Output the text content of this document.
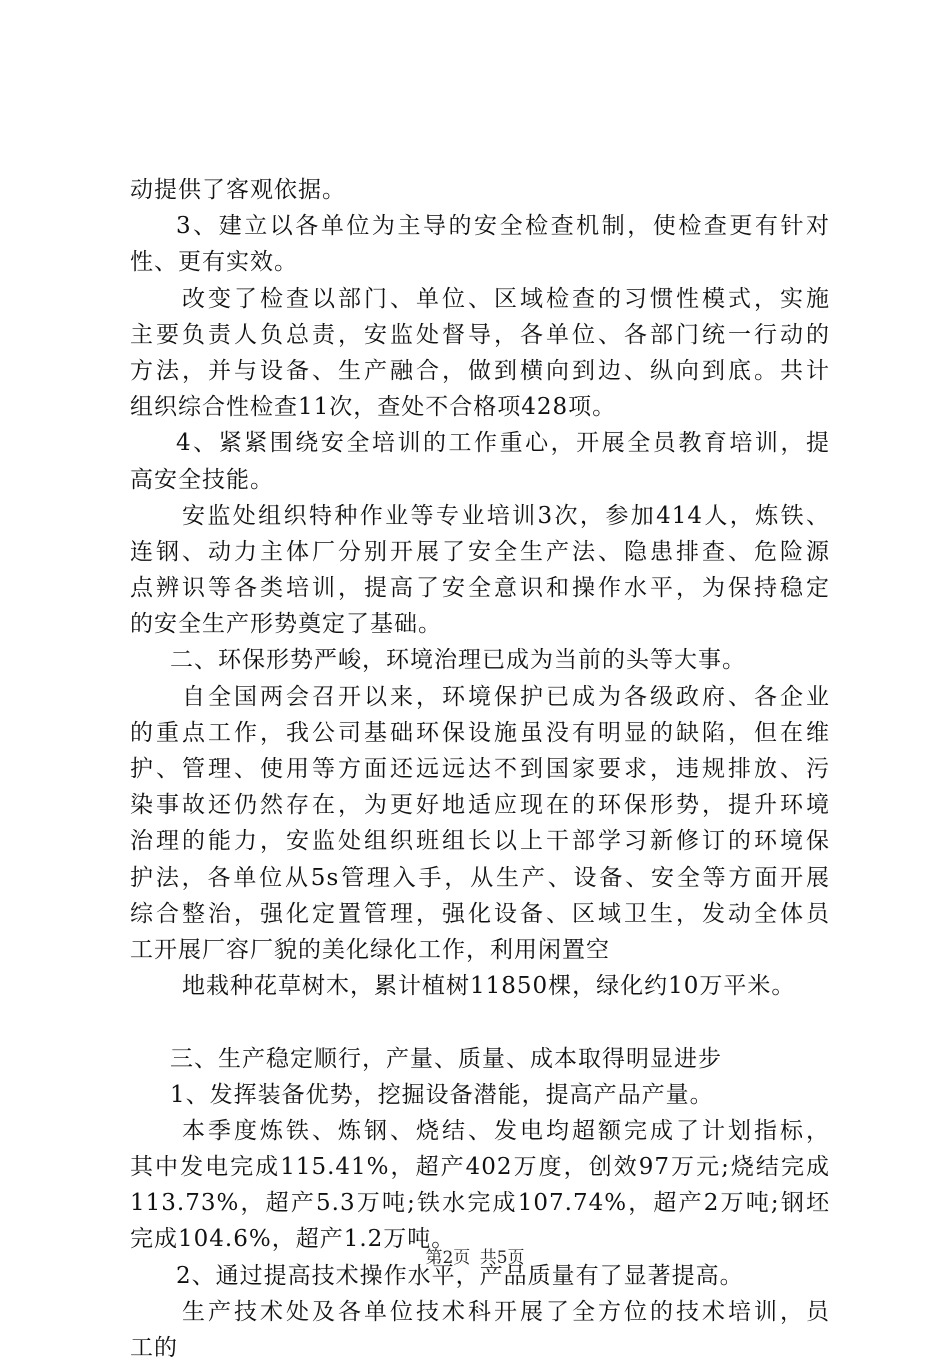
动提供了客观依据。
3、建立以各单位为主导的安全检查机制，使检查更有针对
性、更有实效。
改变了检查以部门、单位、区域检查的习惯性模式，实施
主要负责人负总责，安监处督导，各单位、各部门统一行动的
方法，并与设备、生产融合，做到横向到边、纵向到底。共计
组织综合性检查11次，查处不合格项428项。
4、紧紧围绕安全培训的工作重心，开展全员教育培训，提
高安全技能。
安监处组织特种作业等专业培训3次，参加414人，炼铁、
连钢、动力主体厂分别开展了安全生产法、隐患排查、危险源
点辨识等各类培训，提高了安全意识和操作水平，为保持稳定
的安全生产形势奠定了基础。
二、环保形势严峻，环境治理已成为当前的头等大事。
自全国两会召开以来，环境保护已成为各级政府、各企业
的重点工作，我公司基础环保设施虽没有明显的缺陷，但在维
护、管理、使用等方面还远远达不到国家要求，违规排放、污
染事故还仍然存在，为更好地适应现在的环保形势，提升环境
治理的能力，安监处组织班组长以上干部学习新修订的环境保
护法，各单位从5s管理入手，从生产、设备、安全等方面开展
综合整治，强化定置管理，强化设备、区域卫生，发动全体员
工开展厂容厂貌的美化绿化工作，利用闲置空
地栽种花草树木，累计植树11850棵，绿化约10万平米。
三、生产稳定顺行，产量、质量、成本取得明显进步
1、发挥装备优势，挖掘设备潜能，提高产品产量。
本季度炼铁、炼钢、烧结、发电均超额完成了计划指标，
其中发电完成115.41%，超产402万度，创效97万元;烧结完成
113.73%，超产5.3万吨;铁水完成107.74%，超产2万吨;钢坯
完成104.6%，超产1.2万吨。
2、通过提高技术操作水平，产品质量有了显著提高。
生产技术处及各单位技术科开展了全方位的技术培训，员
工的
第2页 共5页
